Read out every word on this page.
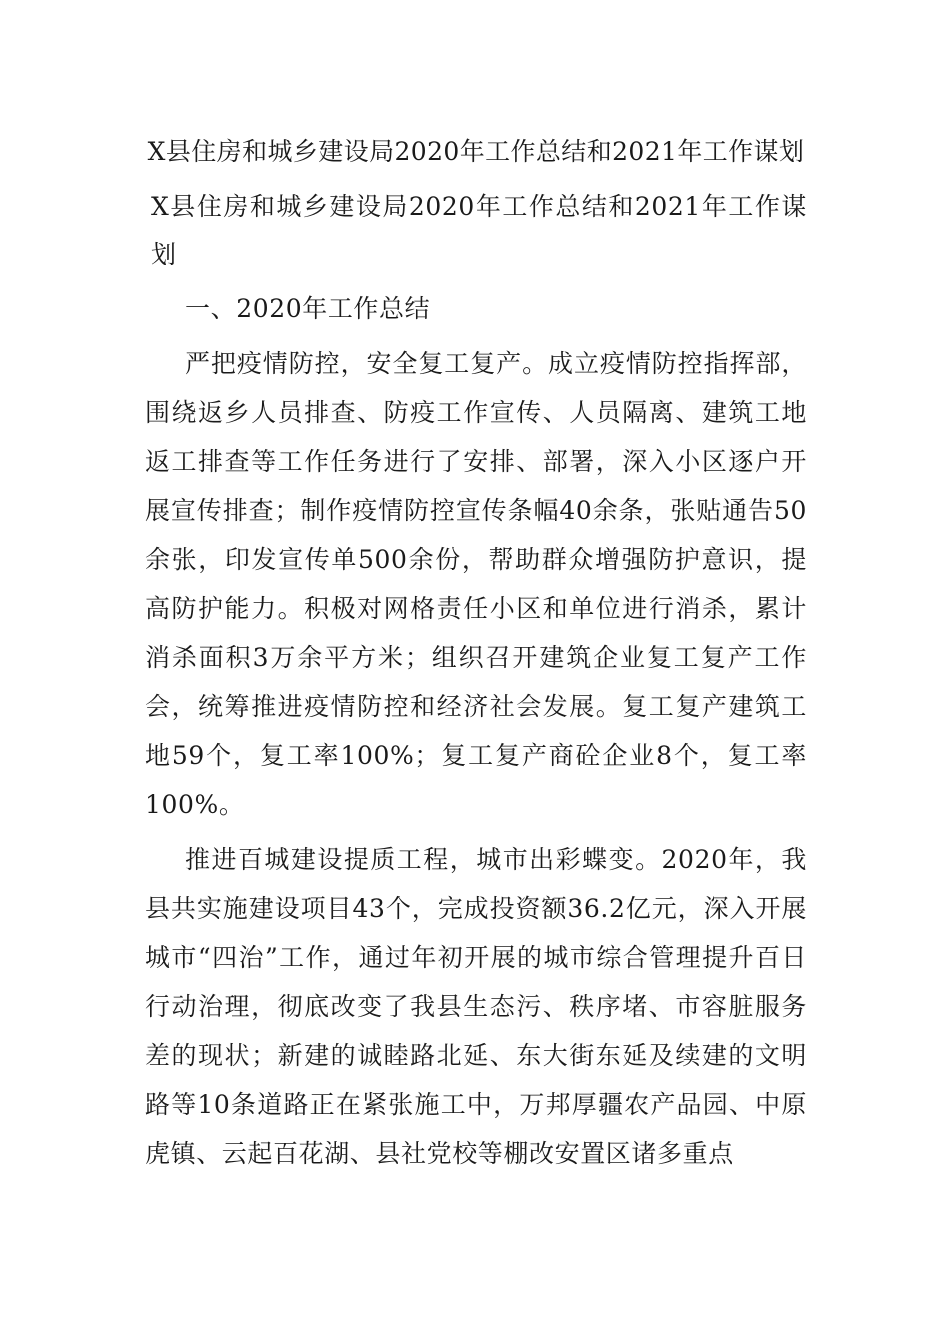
X县住房和城乡建设局2020年工作总结和2021年工作谋划

X县住房和城乡建设局2020年工作总结和2021年工作谋划

一、2020年工作总结

严把疫情防控，安全复工复产。成立疫情防控指挥部，围绕返乡人员排查、防疫工作宣传、人员隔离、建筑工地返工排查等工作任务进行了安排、部署，深入小区逐户开展宣传排查；制作疫情防控宣传条幅40余条，张贴通告50余张，印发宣传单500余份，帮助群众增强防护意识，提高防护能力。积极对网格责任小区和单位进行消杀，累计消杀面积3万余平方米；组织召开建筑企业复工复产工作会，统筹推进疫情防控和经济社会发展。复工复产建筑工地59个，复工率100%；复工复产商砼企业8个，复工率100%。

推进百城建设提质工程，城市出彩蝶变。2020年，我县共实施建设项目43个，完成投资额36.2亿元，深入开展城市“四治”工作，通过年初开展的城市综合管理提升百日行动治理，彻底改变了我县生态污、秩序堵、市容脏服务差的现状；新建的诚睦路北延、东大街东延及续建的文明路等10条道路正在紧张施工中，万邦厚疆农产品园、中原虎镇、云起百花湖、县社党校等棚改安置区诸多重点
